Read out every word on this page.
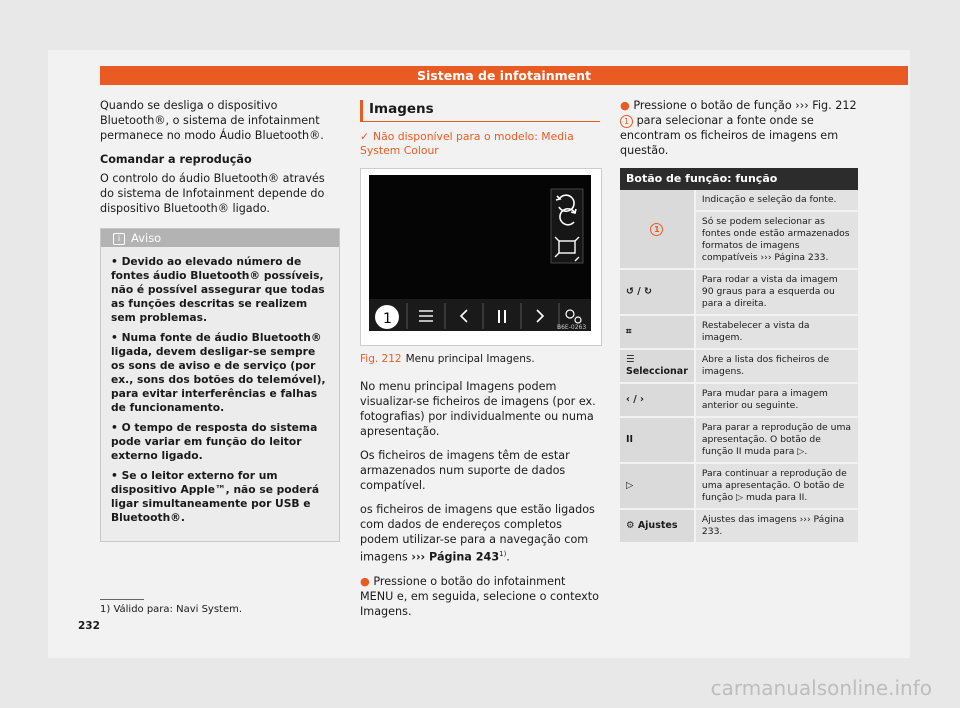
Sistema de infotainment

Quando se desliga o dispositivo Bluetooth®, o sistema de infotainment permanece no modo Áudio Bluetooth®.

Comandar a reprodução

O controlo do áudio Bluetooth® através do sistema de Infotainment depende do dispositivo Bluetooth® ligado.

i Aviso
• Devido ao elevado número de fontes áudio Bluetooth® possíveis, não é possível assegurar que todas as funções descritas se realizem sem problemas.
• Numa fonte de áudio Bluetooth® ligada, devem desligar-se sempre os sons de aviso e de serviço (por ex., sons dos botões do telemóvel), para evitar interferências e falhas de funcionamento.
• O tempo de resposta do sistema pode variar em função do leitor externo ligado.
• Se o leitor externo for um dispositivo Apple™, não se poderá ligar simultaneamente por USB e Bluetooth®.
Imagens
✓ Não disponível para o modelo: Media System Colour
1
B6E-0263
Fig. 212 Menu principal Imagens.

No menu principal Imagens podem visualizar-se ficheiros de imagens (por ex. fotografias) por individualmente ou numa apresentação.

Os ficheiros de imagens têm de estar armazenados num suporte de dados compatível.

os ficheiros de imagens que estão ligados com dados de endereços completos podem utilizar-se para a navegação com imagens ››› Página 243$^{1)}$.

● Pressione o botão do infotainment MENU e, em seguida, selecione o contexto Imagens.

● Pressione o botão de função ››› Fig. 212 1 para selecionar a fonte onde se encontram os ficheiros de imagens em questão.

Botão de função: função	
1	Indicação e seleção da fonte.
	Só se podem selecionar as fontes onde estão armazenados formatos de imagens compatíveis ››› Página 233.
↺ / ↻	Para rodar a vista da imagem 90 graus para a esquerda ou para a direita.
⌗	Restabelecer a vista da imagem.
☰ Seleccionar	Abre a lista dos ficheiros de imagens.
‹ / ›	Para mudar para a imagem anterior ou seguinte.
II	Para parar a reprodução de uma apresentação. O botão de função II muda para ▷.
▷	Para continuar a reprodução de uma apresentação. O botão de função ▷ muda para II.
⚙ Ajustes	Ajustes das imagens ››› Página 233.
1) Válido para: Navi System.
232
carmanualsonline.info
